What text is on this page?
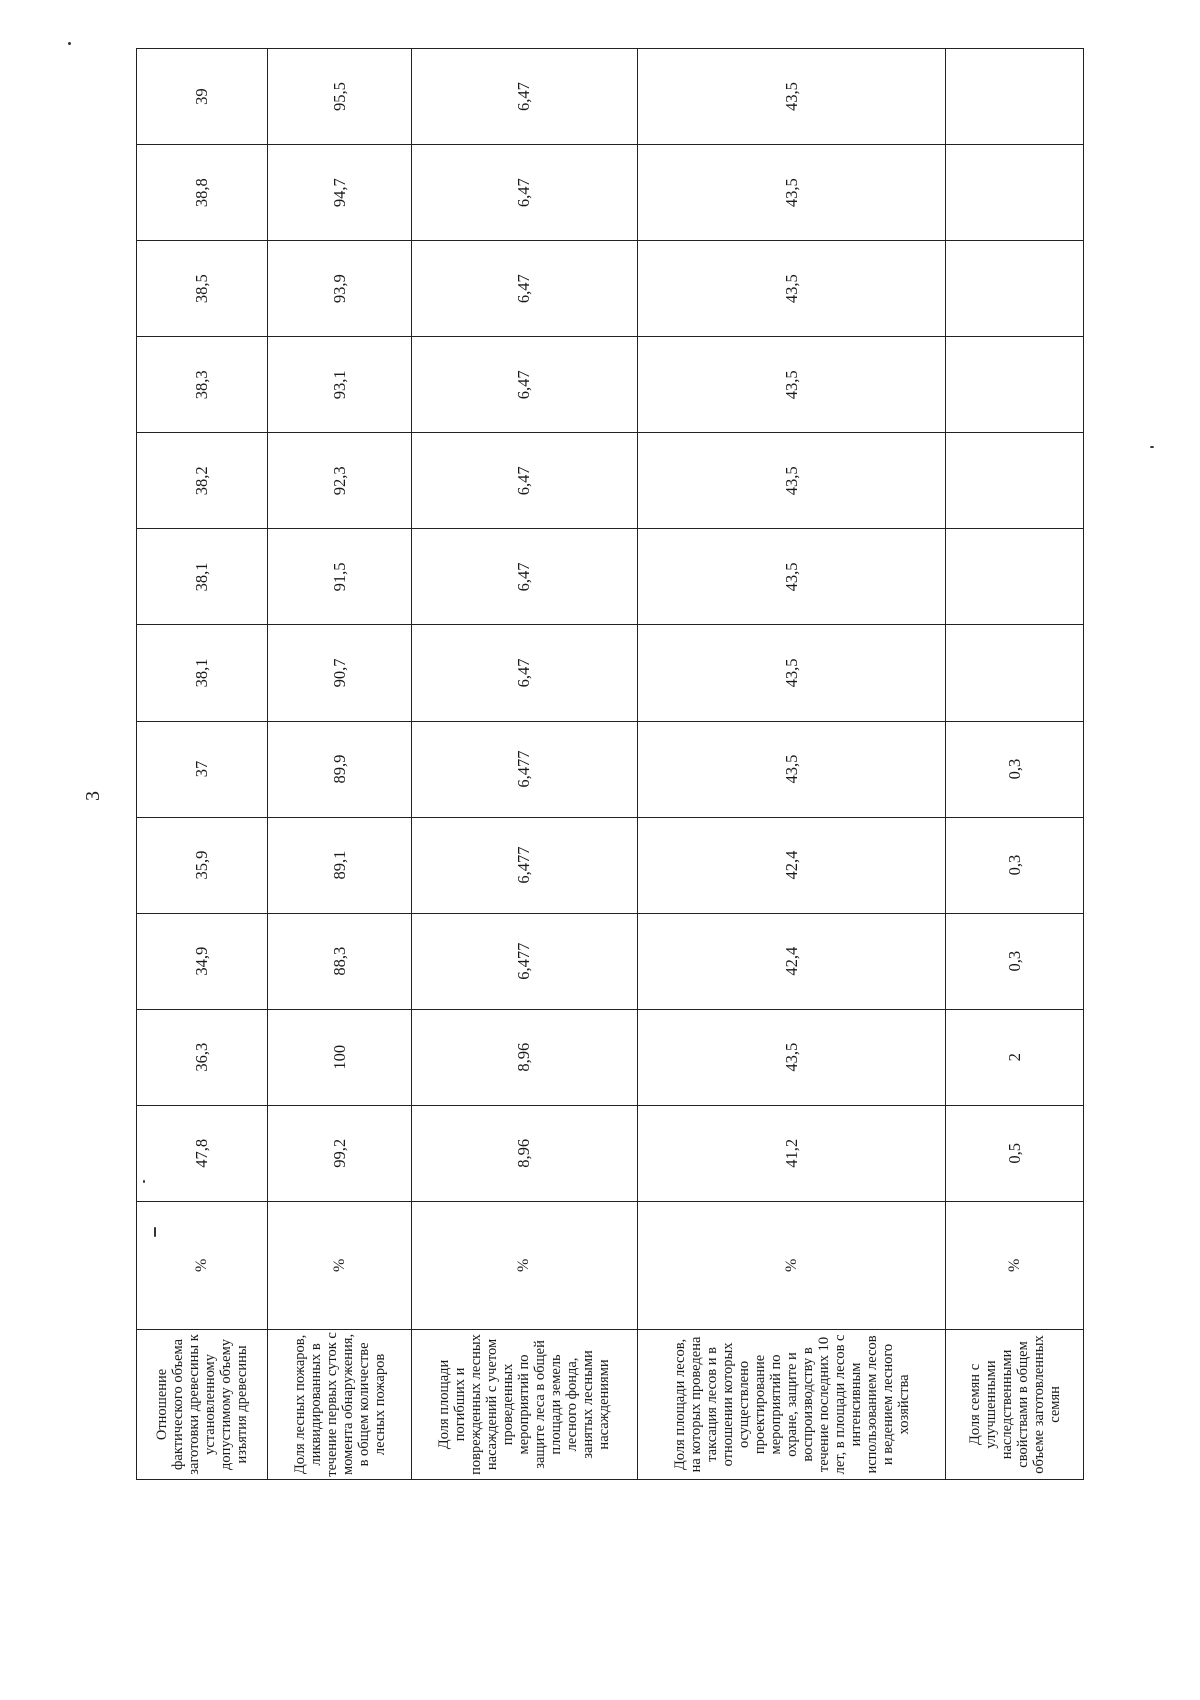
3
Отношение фактического объема заготовки древесины к установленному допустимому объему изъятия древесины	%	47,8	36,3	34,9	35,9	37	38,1	38,1	38,2	38,3	38,5	38,8	39
Доля лесных пожаров, ликвидированных в течение первых суток с момента обнаружения, в общем количестве лесных пожаров	%	99,2	100	88,3	89,1	89,9	90,7	91,5	92,3	93,1	93,9	94,7	95,5
Доля площади погибших и поврежденных лесных насаждений с учетом проведенных мероприятий по защите леса в общей площади земель лесного фонда, занятых лесными насаждениями	%	8,96	8,96	6,477	6,477	6,477	6,47	6,47	6,47	6,47	6,47	6,47	6,47
Доля площади лесов, на которых проведена таксация лесов и в отношении которых осуществлено проектирование мероприятий по охране, защите и воспроизводству в течение последних 10 лет, в площади лесов с интенсивным использованием лесов и ведением лесного хозяйства	%	41,2	43,5	42,4	42,4	43,5	43,5	43,5	43,5	43,5	43,5	43,5	43,5
Доля семян с улучшенными наследственными свойствами в общем объеме заготовленных семян	%	0,5	2	0,3	0,3	0,3							
